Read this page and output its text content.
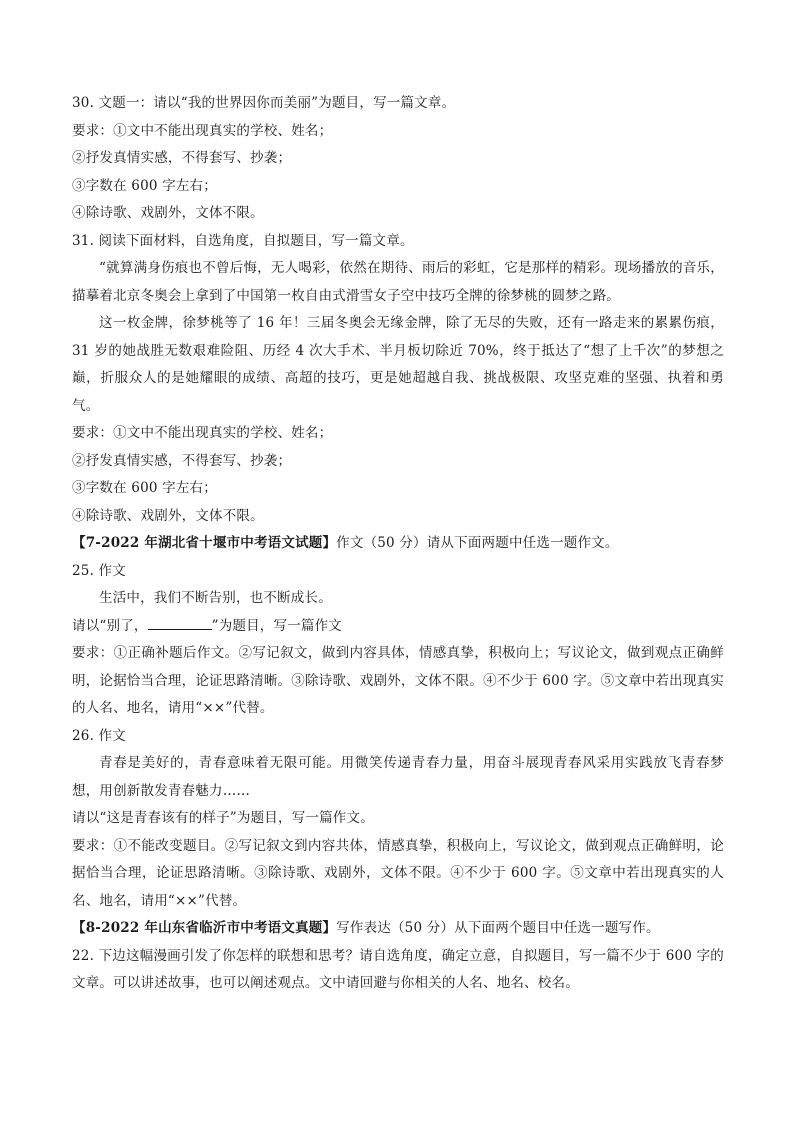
30. 文题一：请以“我的世界因你而美丽”为题目，写一篇文章。
要求：①文中不能出现真实的学校、姓名；
②抒发真情实感，不得套写、抄袭；
③字数在 600 字左右；
④除诗歌、戏剧外，文体不限。
31. 阅读下面材料，自选角度，自拟题目，写一篇文章。
“就算满身伤痕也不曾后悔，无人喝彩，依然在期待、雨后的彩虹，它是那样的精彩。现场播放的音乐，描摹着北京冬奥会上拿到了中国第一枚自由式滑雪女子空中技巧全牌的徐梦桃的圆梦之路。
这一枚金牌，徐梦桃等了 16 年！三届冬奥会无缘金牌，除了无尽的失败，还有一路走来的累累伤痕，31 岁的她战胜无数艰难险阻、历经 4 次大手术、半月板切除近 70%，终于抵达了“想了上千次”的梦想之巅，折服众人的是她耀眼的成绩、高超的技巧，更是她超越自我、挑战极限、攻坚克难的坚强、执着和勇气。
要求：①文中不能出现真实的学校、姓名；
②抒发真情实感，不得套写、抄袭；
③字数在 600 字左右；
④除诗歌、戏剧外，文体不限。
【7-2022 年湖北省十堰市中考语文试题】作文（50 分）请从下面两题中任选一题作文。
25. 作文
生活中，我们不断告别，也不断成长。
请以“别了，	”为题目，写一篇作文
要求：①正确补题后作文。②写记叙文，做到内容具体，情感真挚，积极向上；写议论文，做到观点正确鲜明，论据恰当合理，论证思路清晰。③除诗歌、戏剧外，文体不限。④不少于 600 字。⑤文章中若出现真实的人名、地名，请用“××”代替。
26. 作文
青春是美好的，青春意味着无限可能。用微笑传递青春力量，用奋斗展现青春风采用实践放飞青春梦想，用创新散发青春魅力……
请以“这是青春该有的样子”为题目，写一篇作文。
要求：①不能改变题目。②写记叙文到内容共体，情感真挚，积极向上，写议论文，做到观点正确鲜明，论据恰当合理，论证思路清晰。③除诗歌、戏剧外，文体不限。④不少于 600 字。⑤文章中若出现真实的人名、地名，请用“××”代替。
【8-2022 年山东省临沂市中考语文真题】写作表达（50 分）从下面两个题目中任选一题写作。
22. 下边这幅漫画引发了你怎样的联想和思考？请自选角度，确定立意，自拟题目，写一篇不少于 600 字的文章。可以讲述故事，也可以阐述观点。文中请回避与你相关的人名、地名、校名。
